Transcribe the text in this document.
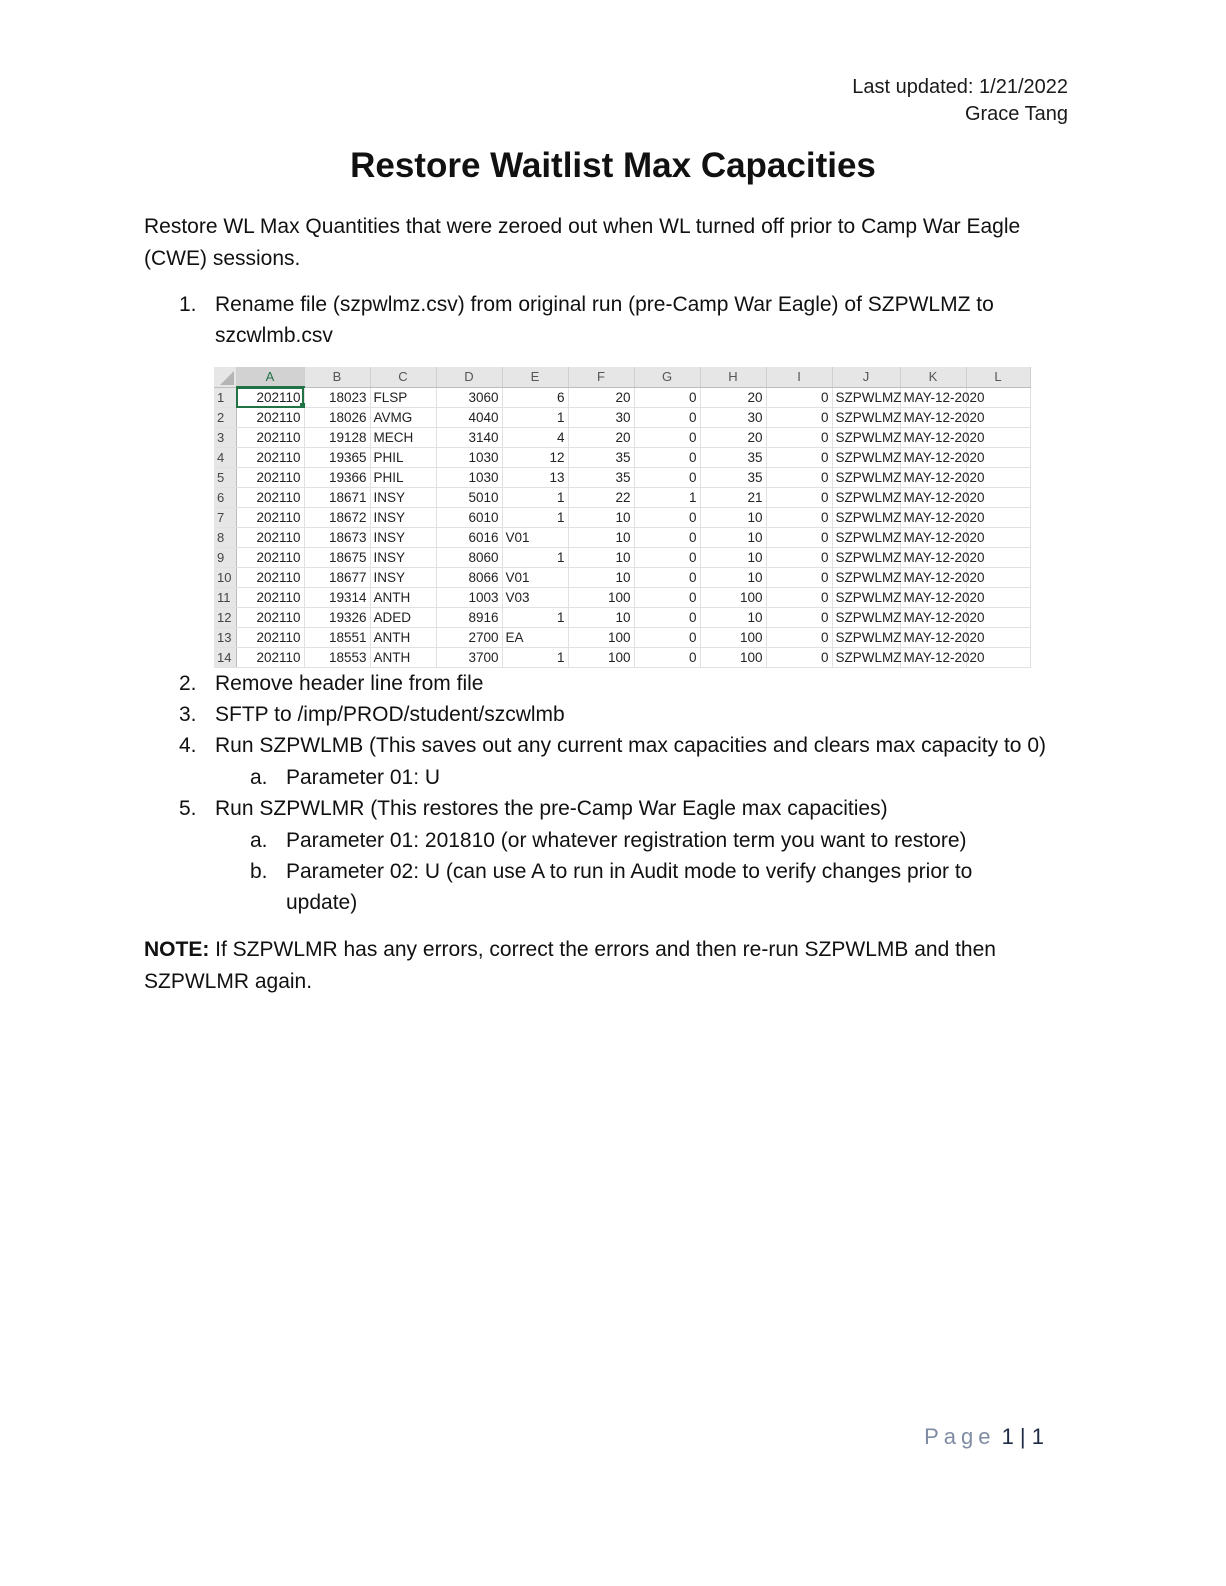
Last updated: 1/21/2022
Grace Tang
Restore Waitlist Max Capacities
Restore WL Max Quantities that were zeroed out when WL turned off prior to Camp War Eagle (CWE) sessions.
1. Rename file (szpwlmz.csv) from original run (pre-Camp War Eagle) of SZPWLMZ to
szcwlmb.csv
	A	B	C	D	E	F	G	H	I	J	K	L
1	202110	18023	FLSP	3060	6	20	0	20	0	SZPWLMZ	MAY-12-2020	
2	202110	18026	AVMG	4040	1	30	0	30	0	SZPWLMZ	MAY-12-2020	
3	202110	19128	MECH	3140	4	20	0	20	0	SZPWLMZ	MAY-12-2020	
4	202110	19365	PHIL	1030	12	35	0	35	0	SZPWLMZ	MAY-12-2020	
5	202110	19366	PHIL	1030	13	35	0	35	0	SZPWLMZ	MAY-12-2020	
6	202110	18671	INSY	5010	1	22	1	21	0	SZPWLMZ	MAY-12-2020	
7	202110	18672	INSY	6010	1	10	0	10	0	SZPWLMZ	MAY-12-2020	
8	202110	18673	INSY	6016	V01	10	0	10	0	SZPWLMZ	MAY-12-2020	
9	202110	18675	INSY	8060	1	10	0	10	0	SZPWLMZ	MAY-12-2020	
10	202110	18677	INSY	8066	V01	10	0	10	0	SZPWLMZ	MAY-12-2020	
11	202110	19314	ANTH	1003	V03	100	0	100	0	SZPWLMZ	MAY-12-2020	
12	202110	19326	ADED	8916	1	10	0	10	0	SZPWLMZ	MAY-12-2020	
13	202110	18551	ANTH	2700	EA	100	0	100	0	SZPWLMZ	MAY-12-2020	
14	202110	18553	ANTH	3700	1	100	0	100	0	SZPWLMZ	MAY-12-2020	
2. Remove header line from file
3. SFTP to /imp/PROD/student/szcwlmb
4. Run SZPWLMB (This saves out any current max capacities and clears max capacity to 0)
a. Parameter 01: U
5. Run SZPWLMR (This restores the pre-Camp War Eagle max capacities)
a. Parameter 01: 201810 (or whatever registration term you want to restore)
b. Parameter 02: U (can use A to run in Audit mode to verify changes prior to
update)
NOTE: If SZPWLMR has any errors, correct the errors and then re-run SZPWLMB and then SZPWLMR again.
Page 1 | 1
